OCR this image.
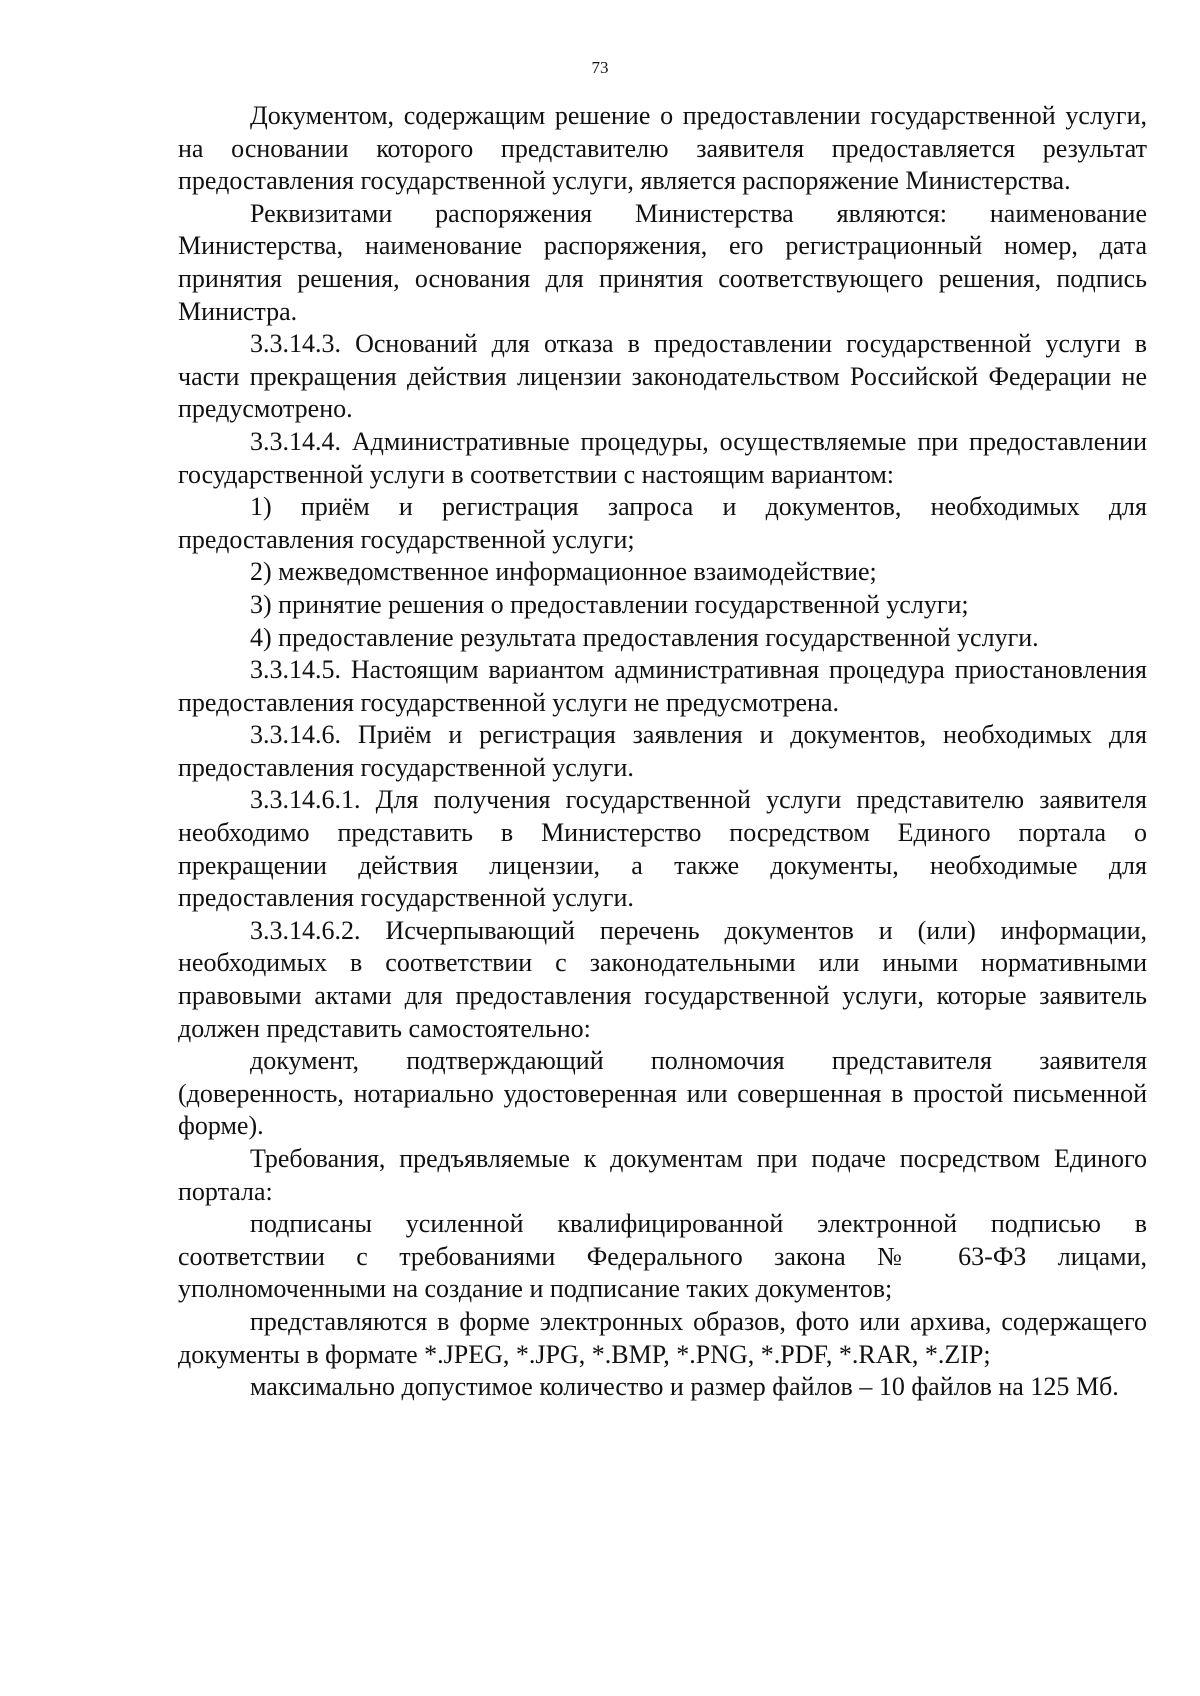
73

Документом, содержащим решение о предоставлении государственной услуги, на основании которого представителю заявителя предоставляется результат предоставления государственной услуги, является распоряжение Министерства.

Реквизитами распоряжения Министерства являются: наименование Министерства, наименование распоряжения, его регистрационный номер, дата принятия решения, основания для принятия соответствующего решения, подпись Министра.

3.3.14.3. Оснований для отказа в предоставлении государственной услуги в части прекращения действия лицензии законодательством Российской Федерации не предусмотрено.

3.3.14.4. Административные процедуры, осуществляемые при предоставлении государственной услуги в соответствии с настоящим вариантом:

1) приём и регистрация запроса и документов, необходимых для предоставления государственной услуги;

2) межведомственное информационное взаимодействие;

3) принятие решения о предоставлении государственной услуги;

4) предоставление результата предоставления государственной услуги.

3.3.14.5. Настоящим вариантом административная процедура приостановления предоставления государственной услуги не предусмотрена.

3.3.14.6. Приём и регистрация заявления и документов, необходимых для предоставления государственной услуги.

3.3.14.6.1. Для получения государственной услуги представителю заявителя необходимо представить в Министерство посредством Единого портала о прекращении действия лицензии, а также документы, необходимые для предоставления государственной услуги.

3.3.14.6.2. Исчерпывающий перечень документов и (или) информации, необходимых в соответствии с законодательными или иными нормативными правовыми актами для предоставления государственной услуги, которые заявитель должен представить самостоятельно:

документ, подтверждающий полномочия представителя заявителя (доверенность, нотариально удостоверенная или совершенная в простой письменной форме).

Требования, предъявляемые к документам при подаче посредством Единого портала:

подписаны усиленной квалифицированной электронной подписью в соответствии с требованиями Федерального закона № 63-ФЗ лицами, уполномоченными на создание и подписание таких документов;

представляются в форме электронных образов, фото или архива, содержащего документы в формате *.JPEG, *.JPG, *.BMP, *.PNG, *.PDF, *.RAR, *.ZIP;

максимально допустимое количество и размер файлов – 10 файлов на 125 Мб.
